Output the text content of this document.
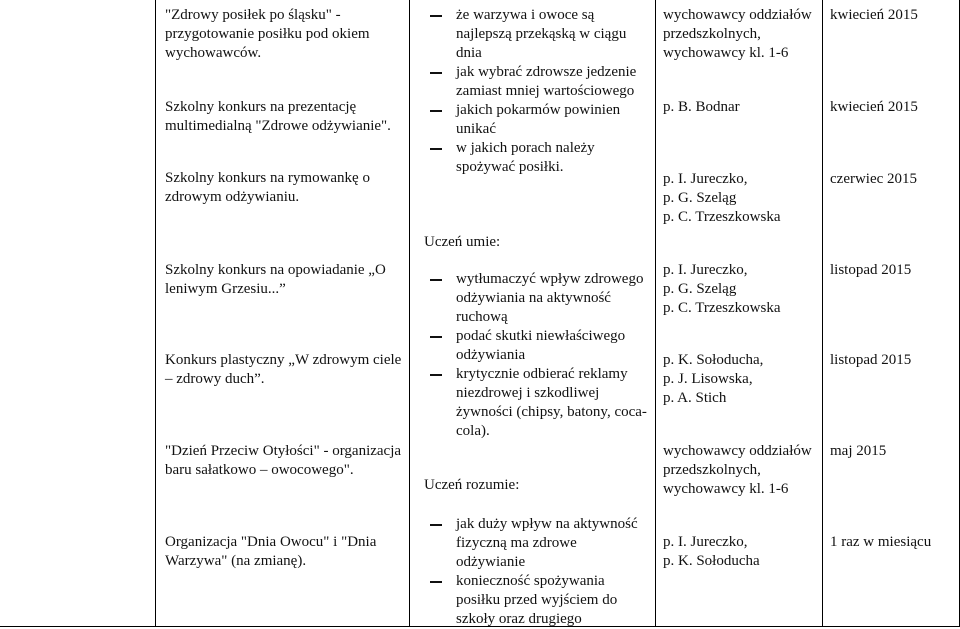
"Zdrowy posiłek po śląsku" - przygotowanie posiłku pod okiem wychowawców.

Szkolny konkurs na prezentację multimedialną "Zdrowe odżywianie".

Szkolny konkurs na rymowankę o zdrowym odżywianiu.

Szkolny konkurs na opowiadanie „O leniwym Grzesiu...”

Konkurs plastyczny „W zdrowym ciele – zdrowy duch”.

"Dzień Przeciw Otyłości" - organizacja baru sałatkowo – owocowego".

Organizacja "Dnia Owocu" i "Dnia Warzywa" (na zmianę).

że warzywa i owoce są najlepszą przekąską w ciągu dnia
jak wybrać zdrowsze jedzenie zamiast mniej wartościowego
jakich pokarmów powinien unikać
w jakich porach należy spożywać posiłki.

Uczeń umie:

wytłumaczyć wpływ zdrowego odżywiania na aktywność ruchową
podać skutki niewłaściwego odżywiania
krytycznie odbierać reklamy niezdrowej i szkodliwej żywności (chipsy, batony, coca-cola).

Uczeń rozumie:

jak duży wpływ na aktywność fizyczną ma zdrowe odżywianie
konieczność spożywania posiłku przed wyjściem do szkoły oraz drugiego

wychowawcy oddziałów przedszkolnych, wychowawcy kl. 1-6

p. B. Bodnar

p. I. Jureczko,
p. G. Szeląg
p. C. Trzeszkowska
p. I. Jureczko,
p. G. Szeląg
p. C. Trzeszkowska
p. K. Sołoducha,
p. J. Lisowska,
p. A. Stich

wychowawcy oddziałów przedszkolnych, wychowawcy kl. 1-6

p. I. Jureczko,
p. K. Sołoducha

kwiecień 2015

kwiecień 2015

czerwiec 2015

listopad 2015

listopad 2015

maj 2015

1 raz w miesiącu
